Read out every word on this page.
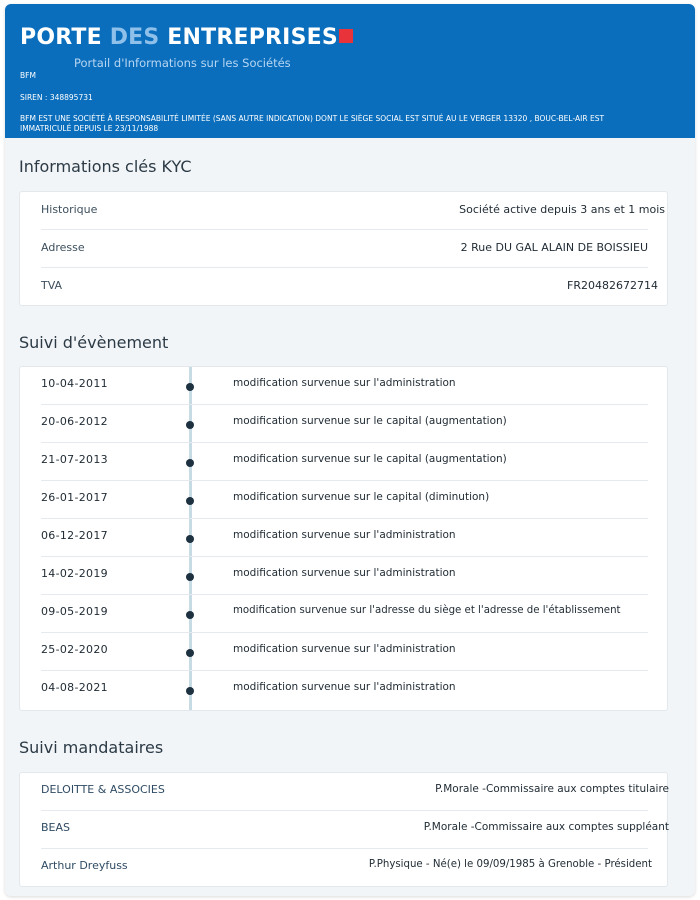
PORTE DES ENTREPRISES
Portail d'Informations sur les Sociétés
BFM
SIREN : 348895731
BFM EST UNE SOCIÉTÉ À RESPONSABILITÉ LIMITÉE (SANS AUTRE INDICATION) DONT LE SIÈGE SOCIAL EST SITUÉ AU LE VERGER 13320 , BOUC-BEL-AIR EST IMMATRICULÉ DEPUIS LE 23/11/1988
Informations clés KYC
Historique	Société active depuis 3 ans et 1 mois
Adresse	2 Rue DU GAL ALAIN DE BOISSIEU
TVA	FR20482672714
Suivi d'évènement
10-04-2011	modification survenue sur l'administration
20-06-2012	modification survenue sur le capital (augmentation)
21-07-2013	modification survenue sur le capital (augmentation)
26-01-2017	modification survenue sur le capital (diminution)
06-12-2017	modification survenue sur l'administration
14-02-2019	modification survenue sur l'administration
09-05-2019	modification survenue sur l'adresse du siège et l'adresse de l'établissement
25-02-2020	modification survenue sur l'administration
04-08-2021	modification survenue sur l'administration
Suivi mandataires
DELOITTE & ASSOCIES	P.Morale -Commissaire aux comptes titulaire
BEAS	P.Morale -Commissaire aux comptes suppléant
Arthur Dreyfuss	P.Physique - Né(e) le 09/09/1985 à Grenoble - Président
